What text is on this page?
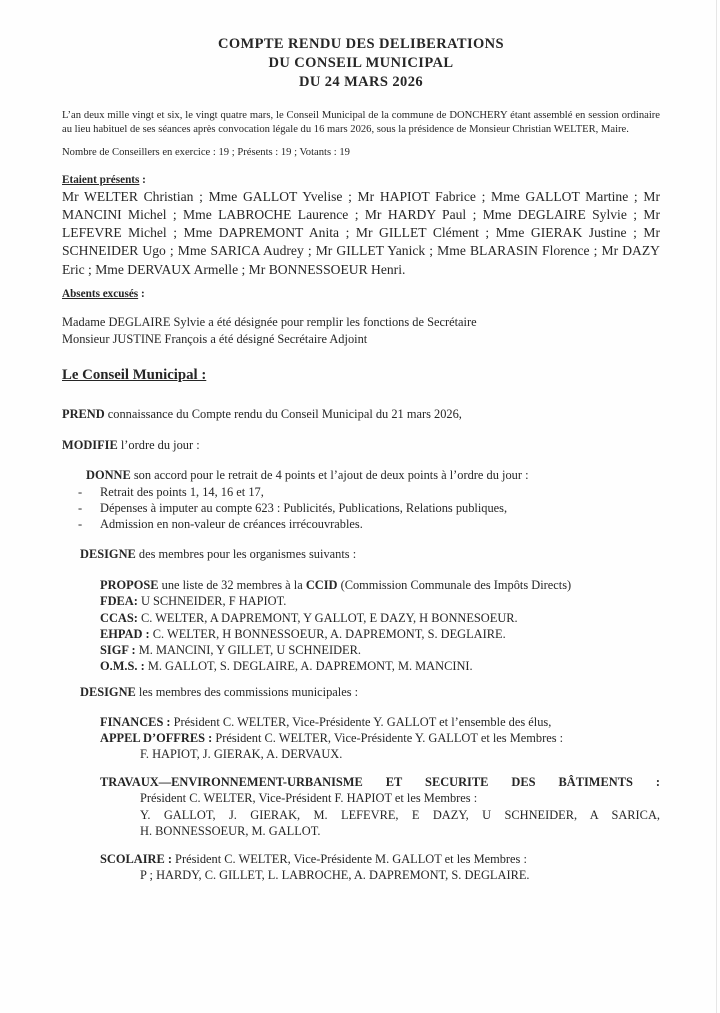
COMPTE RENDU DES DELIBERATIONS
DU CONSEIL MUNICIPAL
DU 24 MARS 2026

L’an deux mille vingt et six, le vingt quatre mars, le Conseil Municipal de la commune de DONCHERY étant assemblé en session ordinaire au lieu habituel de ses séances après convocation légale du 16 mars 2026, sous la présidence de Monsieur Christian WELTER, Maire.

Nombre de Conseillers en exercice : 19 ; Présents : 19 ; Votants : 19
Etaient présents :

Mr WELTER Christian ; Mme GALLOT Yvelise ; Mr HAPIOT Fabrice ; Mme GALLOT Martine ; Mr MANCINI Michel ; Mme LABROCHE Laurence ; Mr HARDY Paul ; Mme DEGLAIRE Sylvie ; Mr LEFEVRE Michel ; Mme DAPREMONT Anita ; Mr GILLET Clément ; Mme GIERAK Justine ; Mr SCHNEIDER Ugo ; Mme SARICA Audrey ; Mr GILLET Yanick ; Mme BLARASIN Florence ; Mr DAZY Eric ; Mme DERVAUX Armelle ; Mr BONNESSOEUR Henri.

Absents excusés :
Madame DEGLAIRE Sylvie a été désignée pour remplir les fonctions de Secrétaire
Monsieur JUSTINE François a été désigné Secrétaire Adjoint
Le Conseil Municipal :
PREND connaissance du Compte rendu du Conseil Municipal du 21 mars 2026,
MODIFIE l’ordre du jour :
DONNE son accord pour le retrait de 4 points et l’ajout de deux points à l’ordre du jour :
-	Retrait des points 1, 14, 16 et 17,
-	Dépenses à imputer au compte 623 : Publicités, Publications, Relations publiques,
-	Admission en non-valeur de créances irrécouvrables.
DESIGNE des membres pour les organismes suivants :
PROPOSE une liste de 32 membres à la CCID (Commission Communale des Impôts Directs)
FDEA: U SCHNEIDER, F HAPIOT.
CCAS: C. WELTER, A DAPREMONT, Y GALLOT, E DAZY, H BONNESOEUR.
EHPAD : C. WELTER, H BONNESSOEUR, A. DAPREMONT, S. DEGLAIRE.
SIGF : M. MANCINI, Y GILLET, U SCHNEIDER.
O.M.S. : M. GALLOT, S. DEGLAIRE, A. DAPREMONT, M. MANCINI.
DESIGNE les membres des commissions municipales :
FINANCES : Président C. WELTER, Vice-Présidente Y. GALLOT et l’ensemble des élus,
APPEL D’OFFRES : Président C. WELTER, Vice-Présidente Y. GALLOT et les Membres :
F. HAPIOT, J. GIERAK, A. DERVAUX.
TRAVAUX—ENVIRONNEMENT-URBANISME ET SECURITE DES BÂTIMENTS :
Président C. WELTER, Vice-Président F. HAPIOT et les Membres :
Y. GALLOT, J. GIERAK, M. LEFEVRE, E DAZY, U SCHNEIDER, A SARICA,
H. BONNESSOEUR, M. GALLOT.
SCOLAIRE : Président C. WELTER, Vice-Présidente M. GALLOT et les Membres :
P ; HARDY, C. GILLET, L. LABROCHE, A. DAPREMONT, S. DEGLAIRE.
